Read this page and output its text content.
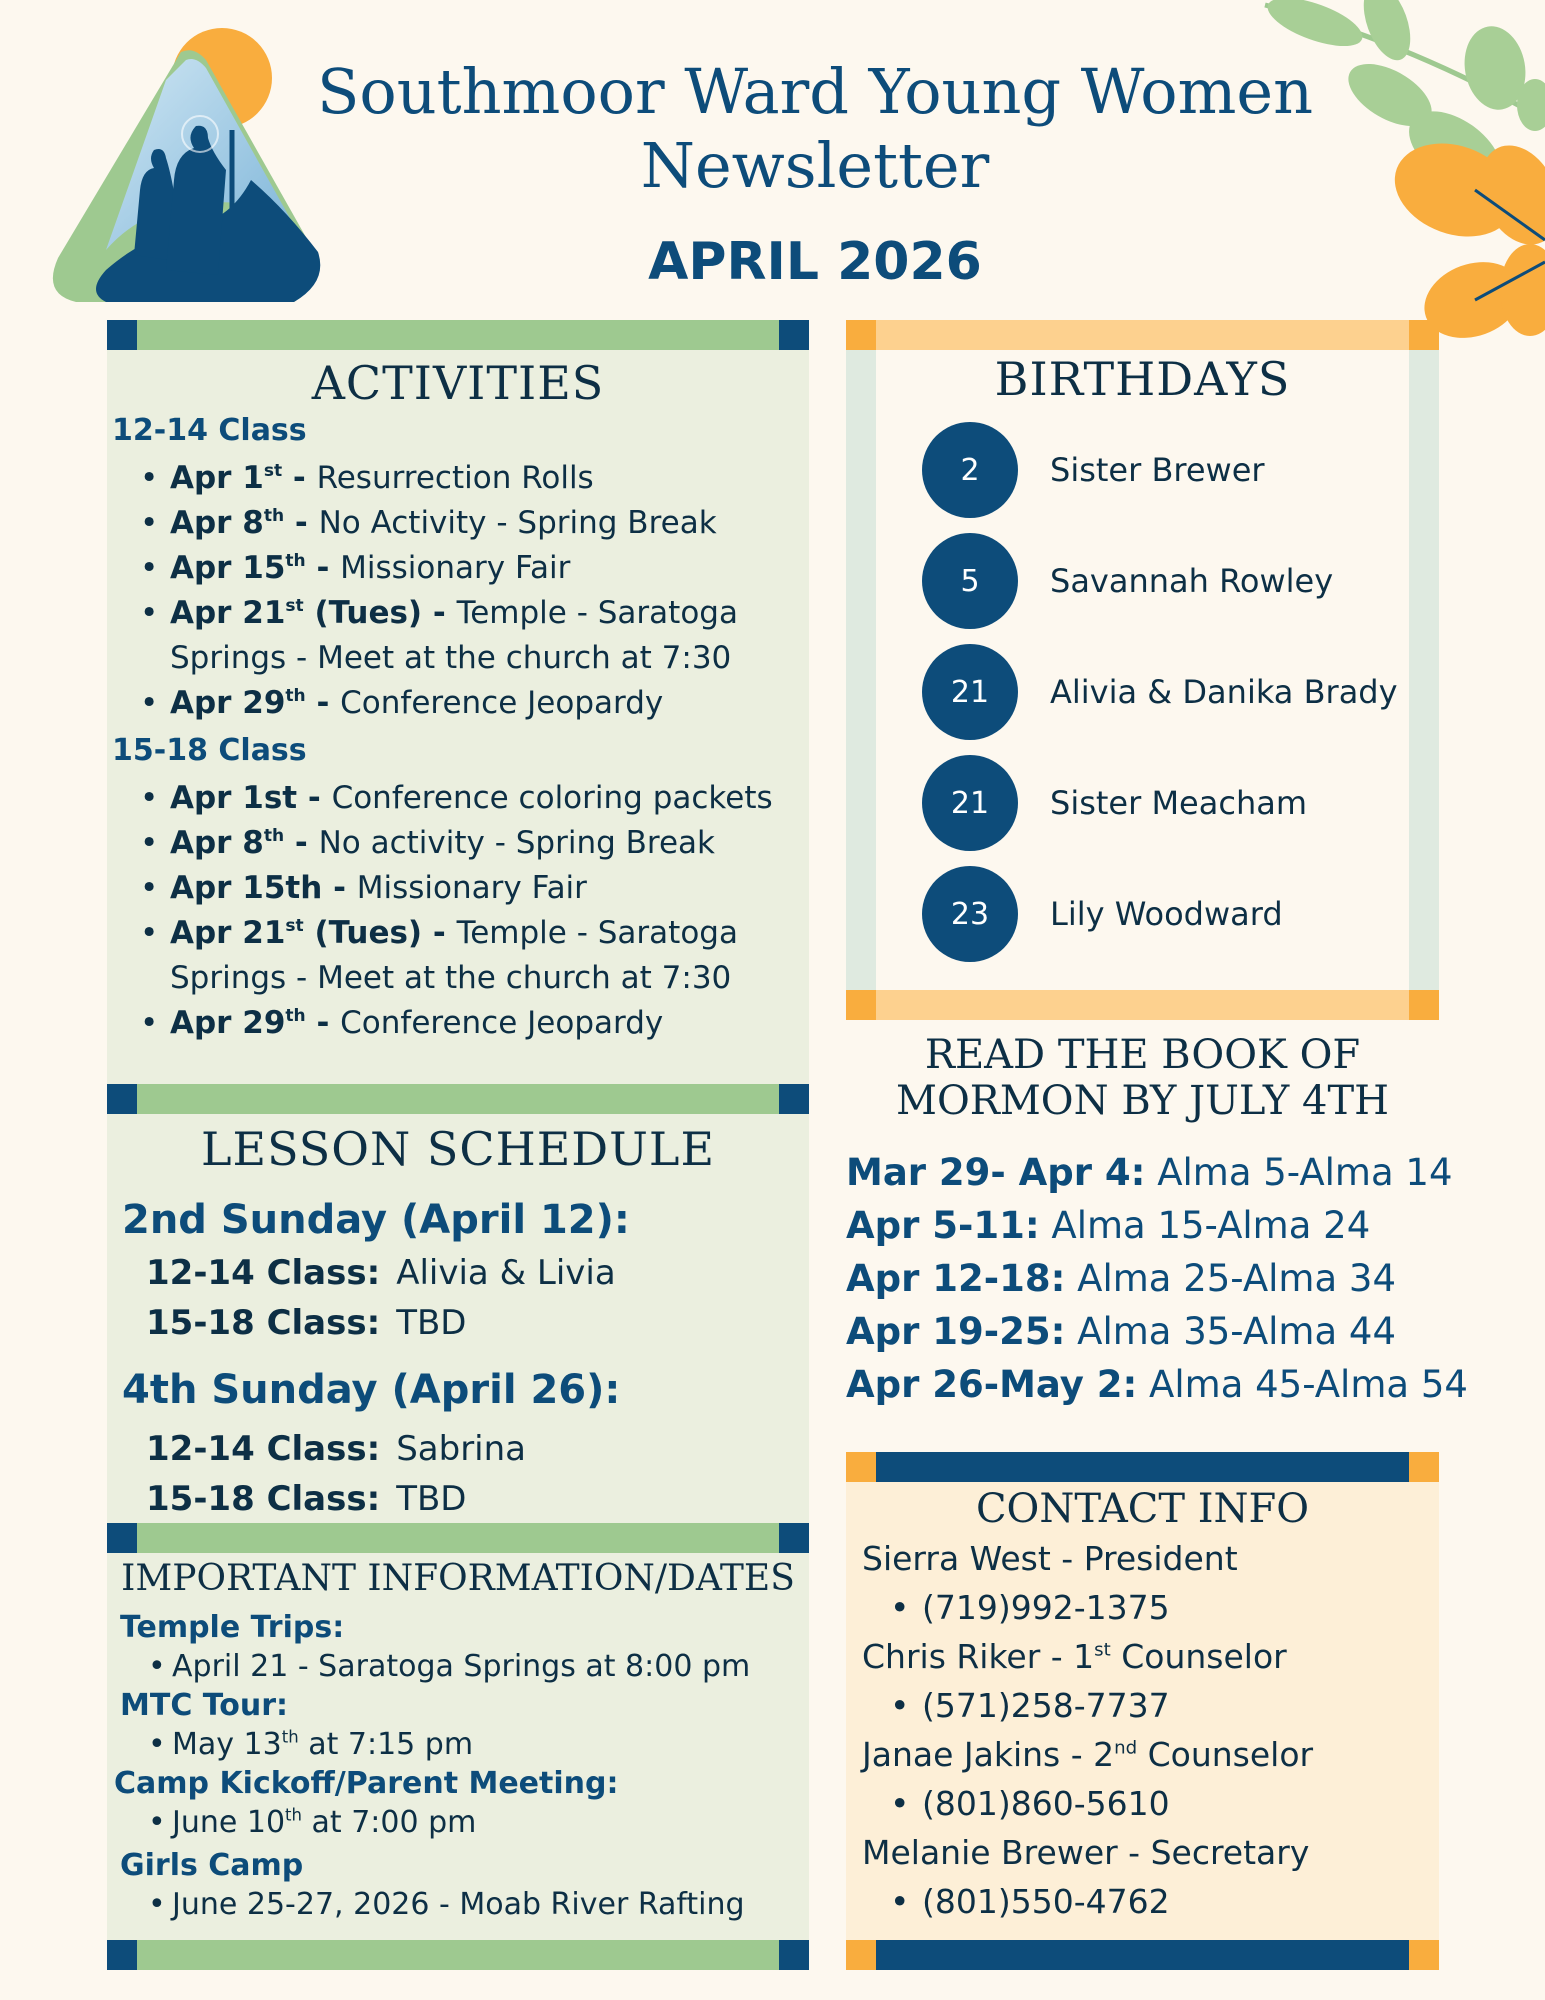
Southmoor Ward Young Women
Newsletter
APRIL 2026
ACTIVITIES
12-14 Class
• Apr 1st - Resurrection Rolls
• Apr 8th - No Activity - Spring Break
• Apr 15th - Missionary Fair
• Apr 21st (Tues) - Temple - Saratoga Springs - Meet at the church at 7:30
• Apr 29th - Conference Jeopardy
15-18 Class
• Apr 1st - Conference coloring packets
• Apr 8th - No activity - Spring Break
• Apr 15th - Missionary Fair
• Apr 21st (Tues) - Temple - Saratoga Springs - Meet at the church at 7:30
• Apr 29th - Conference Jeopardy
LESSON SCHEDULE
2nd Sunday (April 12):
12-14 Class: Alivia & Livia
15-18 Class: TBD
4th Sunday (April 26):
12-14 Class: Sabrina
15-18 Class: TBD
IMPORTANT INFORMATION/DATES
Temple Trips:
• April 21 - Saratoga Springs at 8:00 pm
MTC Tour:
• May 13th at 7:15 pm
Camp Kickoff/Parent Meeting:
• June 10th at 7:00 pm
Girls Camp
• June 25-27, 2026 - Moab River Rafting
BIRTHDAYS
2	Sister Brewer
5	Savannah Rowley
21	Alivia & Danika Brady
21	Sister Meacham
23	Lily Woodward
READ THE BOOK OF
MORMON BY JULY 4TH
Mar 29- Apr 4: Alma 5-Alma 14
Apr 5-11: Alma 15-Alma 24
Apr 12-18: Alma 25-Alma 34
Apr 19-25: Alma 35-Alma 44
Apr 26-May 2: Alma 45-Alma 54
CONTACT INFO
Sierra West - President
• (719)992-1375
Chris Riker - 1st Counselor
• (571)258-7737
Janae Jakins - 2nd Counselor
• (801)860-5610
Melanie Brewer - Secretary
• (801)550-4762
